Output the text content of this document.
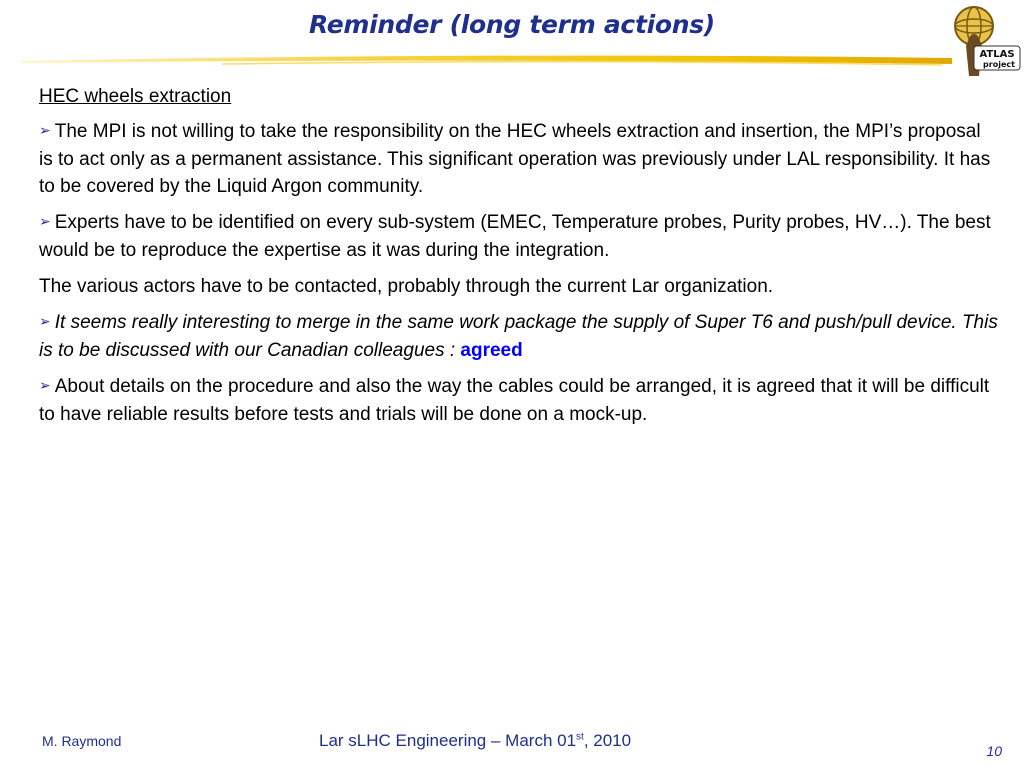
Reminder (long term actions)
ATLAS
project
HEC wheels extraction

➢ The MPI is not willing to take the responsibility on the HEC wheels extraction and insertion, the MPI’s proposal is to act only as a permanent assistance. This significant operation was previously under LAL responsibility. It has to be covered by the Liquid Argon community.

➢ Experts have to be identified on every sub-system (EMEC, Temperature probes, Purity probes, HV…). The best would be to reproduce the expertise as it was during the integration.

The various actors have to be contacted, probably through the current Lar organization.

➢ It seems really interesting to merge in the same work package the supply of Super T6 and push/pull device. This is to be discussed with our Canadian colleagues : agreed

➢ About details on the procedure and also the way the cables could be arranged, it is agreed that it will be difficult to have reliable results before tests and trials will be done on a mock-up.

M. Raymond	Lar sLHC Engineering – March 01st, 2010
10
